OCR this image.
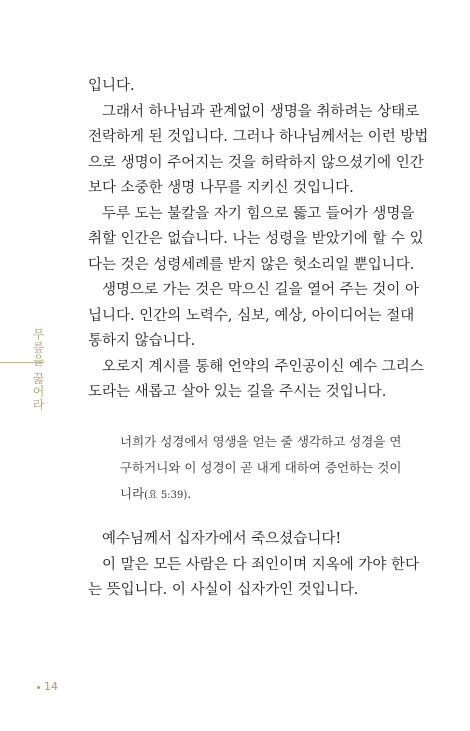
무릎을 꿇어라
입니다.
그래서 하나님과 관계없이 생명을 취하려는 상태로
전락하게 된 것입니다. 그러나 하나님께서는 이런 방법
으로 생명이 주어지는 것을 허락하지 않으셨기에 인간
보다 소중한 생명 나무를 지키신 것입니다.
두루 도는 불칼을 자기 힘으로 뚫고 들어가 생명을
취할 인간은 없습니다. 나는 성령을 받았기에 할 수 있
다는 것은 성령세례를 받지 않은 헛소리일 뿐입니다.
생명으로 가는 것은 막으신 길을 열어 주는 것이 아
닙니다. 인간의 노력수, 심보, 예상, 아이디어는 절대
통하지 않습니다.
오로지 계시를 통해 언약의 주인공이신 예수 그리스
도라는 새롭고 살아 있는 길을 주시는 것입니다.
너희가 성경에서 영생을 얻는 줄 생각하고 성경을 연
구하거니와 이 성경이 곧 내게 대하여 증언하는 것이
니라(요 5:39).
예수님께서 십자가에서 죽으셨습니다!
이 말은 모든 사람은 다 죄인이며 지옥에 가야 한다
는 뜻입니다. 이 사실이 십자가인 것입니다.
14
